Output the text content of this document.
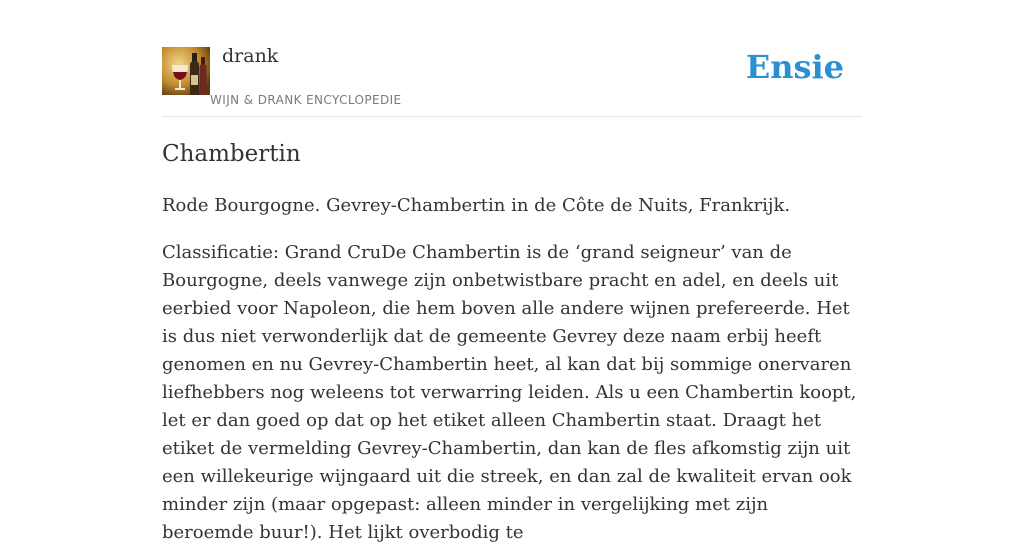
drank
WIJN & DRANK ENCYCLOPEDIE
Ensie
Chambertin

Rode Bourgogne. Gevrey-Chambertin in de Côte de Nuits, Frankrijk.

Classificatie: Grand CruDe Chambertin is de ‘grand seigneur’ van de Bourgogne, deels vanwege zijn onbetwistbare pracht en adel, en deels uit eerbied voor Napoleon, die hem boven alle andere wijnen prefereerde. Het is dus niet verwonderlijk dat de gemeente Gevrey deze naam erbij heeft genomen en nu Gevrey-Chambertin heet, al kan dat bij sommige onervaren liefhebbers nog weleens tot verwarring leiden. Als u een Chambertin koopt, let er dan goed op dat op het etiket alleen Chambertin staat. Draagt het etiket de vermelding Gevrey-Chambertin, dan kan de fles afkomstig zijn uit een willekeurige wijngaard uit die streek, en dan zal de kwaliteit ervan ook minder zijn (maar opgepast: alleen minder in vergelijking met zijn beroemde buur!). Het lijkt overbodig te
